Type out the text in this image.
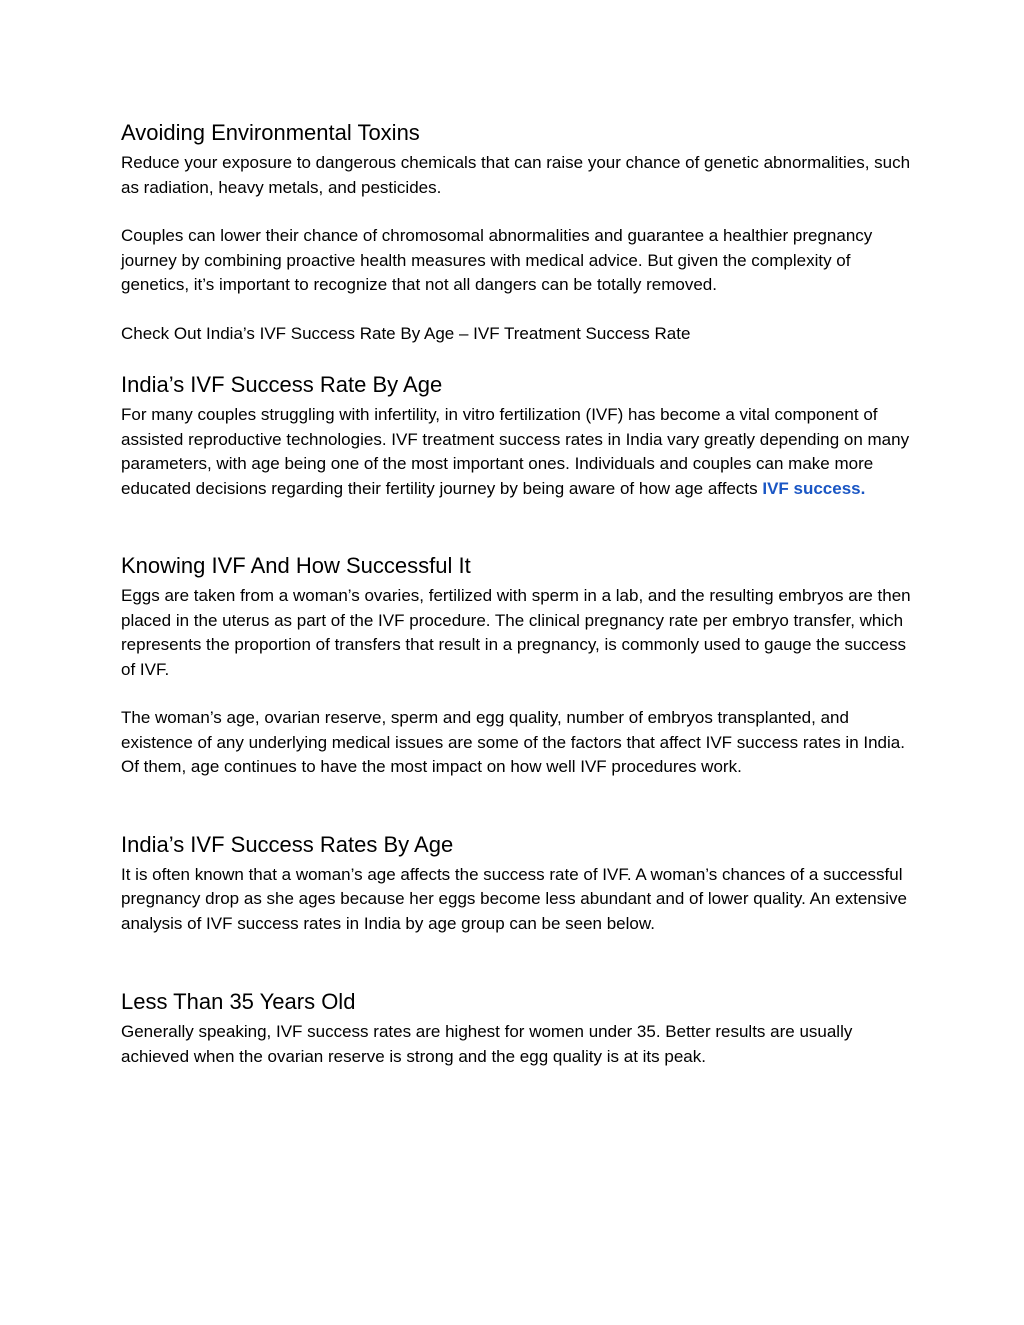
Avoiding Environmental Toxins

Reduce your exposure to dangerous chemicals that can raise your chance of genetic abnormalities, such as radiation, heavy metals, and pesticides.

Couples can lower their chance of chromosomal abnormalities and guarantee a healthier pregnancy journey by combining proactive health measures with medical advice. But given the complexity of genetics, it’s important to recognize that not all dangers can be totally removed.

Check Out India’s IVF Success Rate By Age – IVF Treatment Success Rate

India’s IVF Success Rate By Age

For many couples struggling with infertility, in vitro fertilization (IVF) has become a vital component of assisted reproductive technologies. IVF treatment success rates in India vary greatly depending on many parameters, with age being one of the most important ones. Individuals and couples can make more educated decisions regarding their fertility journey by being aware of how age affects IVF success.

Knowing IVF And How Successful It

Eggs are taken from a woman’s ovaries, fertilized with sperm in a lab, and the resulting embryos are then placed in the uterus as part of the IVF procedure. The clinical pregnancy rate per embryo transfer, which represents the proportion of transfers that result in a pregnancy, is commonly used to gauge the success of IVF.

The woman’s age, ovarian reserve, sperm and egg quality, number of embryos transplanted, and existence of any underlying medical issues are some of the factors that affect IVF success rates in India. Of them, age continues to have the most impact on how well IVF procedures work.

India’s IVF Success Rates By Age

It is often known that a woman’s age affects the success rate of IVF. A woman’s chances of a successful pregnancy drop as she ages because her eggs become less abundant and of lower quality. An extensive analysis of IVF success rates in India by age group can be seen below.

Less Than 35 Years Old

Generally speaking, IVF success rates are highest for women under 35. Better results are usually achieved when the ovarian reserve is strong and the egg quality is at its peak.
